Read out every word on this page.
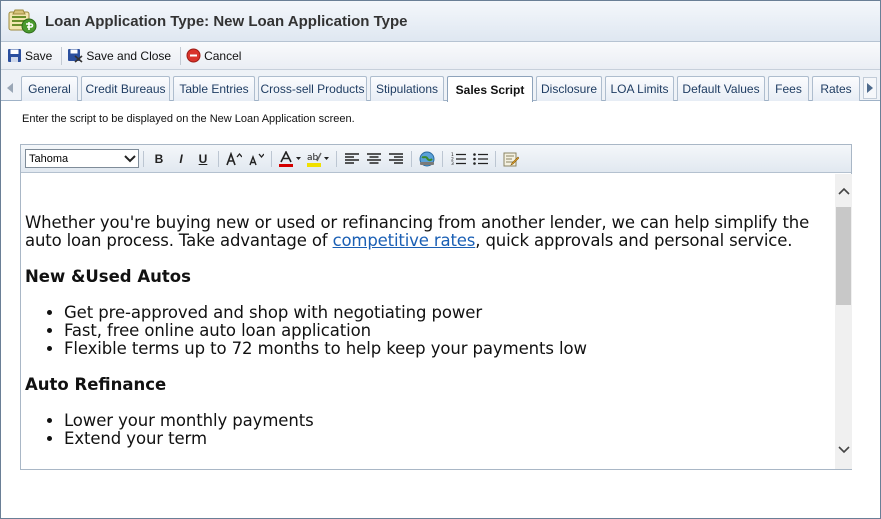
Loan Application Type: New Loan Application Type
Save	Save and Close	Cancel
General	Credit Bureaus	Table Entries Cross-sell Products Stipulations	Sales Script	Disclosure	LOA Limits	Default Values	Fees	Rates
Enter the script to be displayed on the New Loan Application screen.
Tahoma	B	I	U	ab	1
2
3

Whether you're buying new or used or refinancing from another lender, we can help simplify the auto loan process. Take advantage of competitive rates, quick approvals and personal service.

New &Used Autos
• Get pre-approved and shop with negotiating power
• Fast, free online auto loan application
• Flexible terms up to 72 months to help keep your payments low
Auto Refinance
• Lower your monthly payments
• Extend your term
